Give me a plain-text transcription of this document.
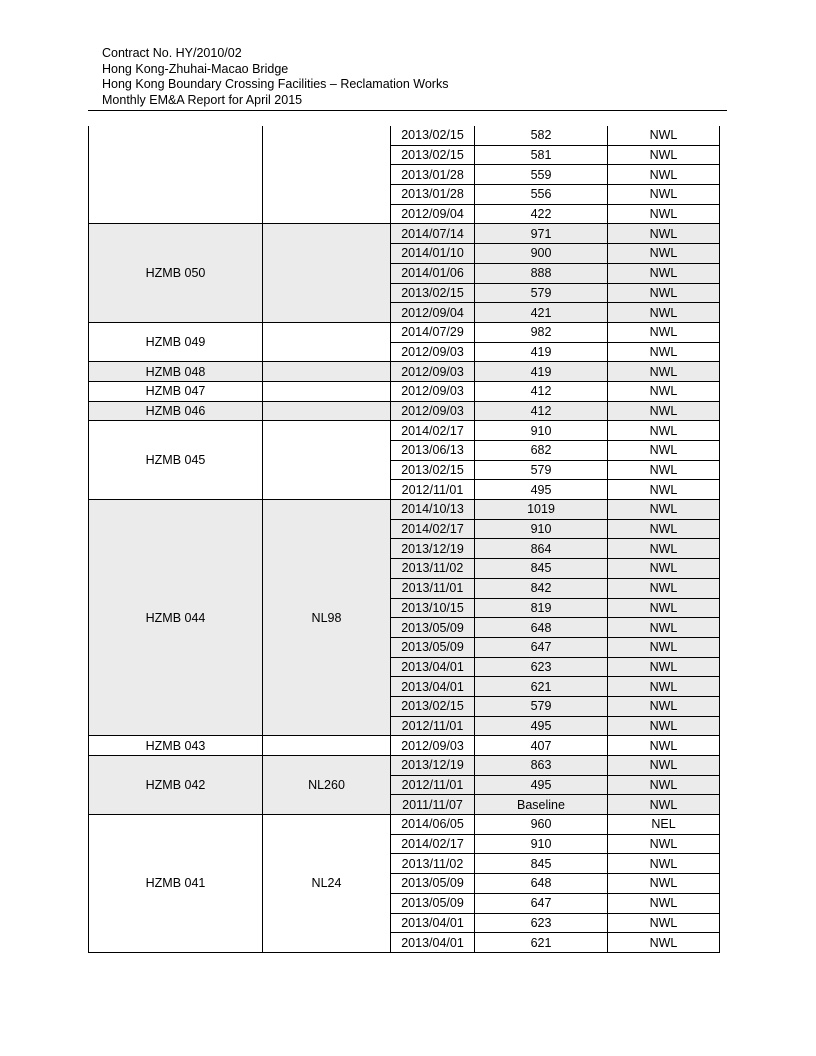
Contract No. HY/2010/02
Hong Kong-Zhuhai-Macao Bridge
Hong Kong Boundary Crossing Facilities – Reclamation Works
Monthly EM&A Report for April 2015
		2013/02/15	582	NWL
		2013/02/15	581	NWL
		2013/01/28	559	NWL
		2013/01/28	556	NWL
		2012/09/04	422	NWL
HZMB 050		2014/07/14	971	NWL
		2014/01/10	900	NWL
		2014/01/06	888	NWL
		2013/02/15	579	NWL
		2012/09/04	421	NWL
HZMB 049		2014/07/29	982	NWL
		2012/09/03	419	NWL
HZMB 048		2012/09/03	419	NWL
HZMB 047		2012/09/03	412	NWL
HZMB 046		2012/09/03	412	NWL
HZMB 045		2014/02/17	910	NWL
		2013/06/13	682	NWL
		2013/02/15	579	NWL
		2012/11/01	495	NWL
HZMB 044	NL98	2014/10/13	1019	NWL
		2014/02/17	910	NWL
		2013/12/19	864	NWL
		2013/11/02	845	NWL
		2013/11/01	842	NWL
		2013/10/15	819	NWL
		2013/05/09	648	NWL
		2013/05/09	647	NWL
		2013/04/01	623	NWL
		2013/04/01	621	NWL
		2013/02/15	579	NWL
		2012/11/01	495	NWL
HZMB 043		2012/09/03	407	NWL
HZMB 042	NL260	2013/12/19	863	NWL
		2012/11/01	495	NWL
		2011/11/07	Baseline	NWL
HZMB 041	NL24	2014/06/05	960	NEL
		2014/02/17	910	NWL
		2013/11/02	845	NWL
		2013/05/09	648	NWL
		2013/05/09	647	NWL
		2013/04/01	623	NWL
		2013/04/01	621	NWL
